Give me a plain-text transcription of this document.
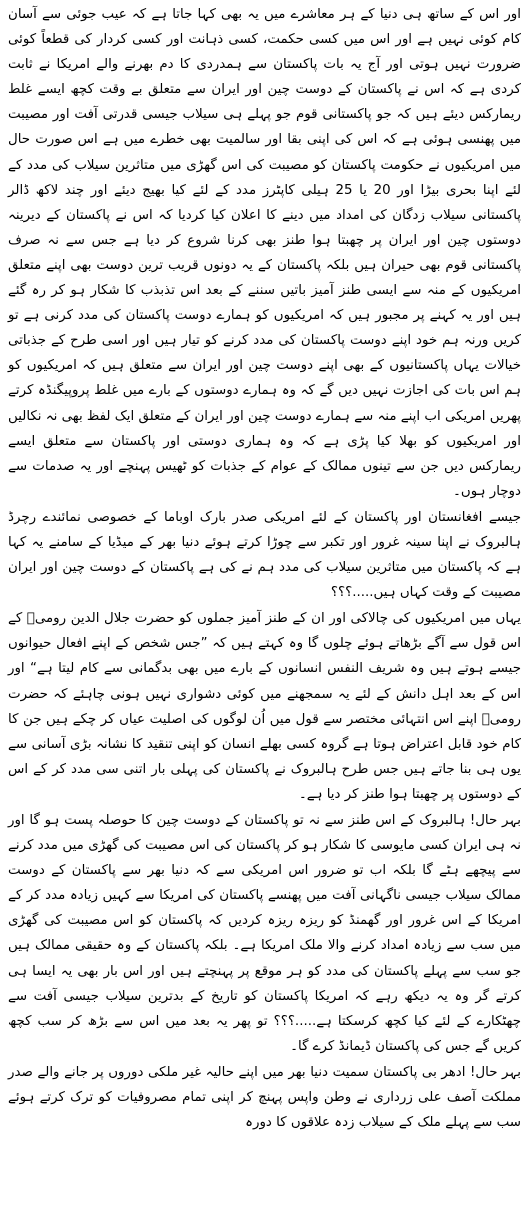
اور اس کے ساتھ ہی دنیا کے ہر معاشرے میں یہ بھی کہا جاتا ہے کہ عیب جوئی سے آسان کام کوئی نہیں ہے اور اس میں کسی حکمت، کسی ذہانت اور کسی کردار کی قطعاً کوئی ضرورت نہیں ہوتی اور آج یہ بات پاکستان سے ہمدردی کا دم بھرنے والے امریکا نے ثابت کردی ہے کہ اس نے پاکستان کے دوست چین اور ایران سے متعلق بے وقت کچھ ایسے غلط ریمارکس دیئے ہیں کہ جو پاکستانی قوم جو پہلے ہی سیلاب جیسی قدرتی آفت اور مصیبت میں پھنسی ہوئی ہے کہ اس کی اپنی بقا اور سالمیت بھی خطرے میں ہے اس صورت حال میں امریکیوں نے حکومت پاکستان کو مصیبت کی اس گھڑی میں متاثرین سیلاب کی مدد کے لئے اپنا بحری بیڑا اور 20 یا 25 ہیلی کاپٹرز مدد کے لئے کیا بھیج دیئے اور چند لاکھ ڈالر پاکستانی سیلاب زدگان کی امداد میں دینے کا اعلان کیا کردیا کہ اس نے پاکستان کے دیرینہ دوستوں چین اور ایران پر چھبتا ہوا طنز بھی کرنا شروع کر دیا ہے جس سے نہ صرف پاکستانی قوم بھی حیران ہیں بلکہ پاکستان کے یہ دونوں قریب ترین دوست بھی اپنے متعلق امریکیوں کے منہ سے ایسی طنز آمیز باتیں سننے کے بعد اس تذبذب کا شکار ہو کر رہ گئے ہیں اور یہ کہنے پر مجبور ہیں کہ امریکیوں کو ہمارے دوست پاکستان کی مدد کرنی ہے تو کریں ورنہ ہم خود اپنے دوست پاکستان کی مدد کرنے کو تیار ہیں اور اسی طرح کے جذباتی خیالات یہاں پاکستانیوں کے بھی اپنے دوست چین اور ایران سے متعلق ہیں کہ امریکیوں کو ہم اس بات کی اجازت نہیں دیں گے کہ وہ ہمارے دوستوں کے بارے میں غلط پروپیگنڈہ کرتے پھریں امریکی اب اپنے منہ سے ہمارے دوست چین اور ایران کے متعلق ایک لفظ بھی نہ نکالیں اور امریکیوں کو بھلا کیا پڑی ہے کہ وہ ہماری دوستی اور پاکستان سے متعلق ایسے ریمارکس دیں جن سے تینوں ممالک کے عوام کے جذبات کو ٹھیس پہنچے اور یہ صدمات سے دوچار ہوں۔

جیسے افغانستان اور پاکستان کے لئے امریکی صدر بارک اوباما کے خصوصی نمائندے رچرڈ ہالبروک نے اپنا سینہ غرور اور تکبر سے چوڑا کرتے ہوئے دنیا بھر کے میڈیا کے سامنے یہ کہا ہے کہ پاکستان میں متاثرین سیلاب کی مدد ہم نے کی ہے پاکستان کے دوست چین اور ایران مصیبت کے وقت کہاں ہیں.....؟؟؟

یہاں میں امریکیوں کی چالاکی اور ان کے طنز آمیز جملوں کو حضرت جلال الدین رومیؒ کے اس قول سے آگے بڑھاتے ہوئے چلوں گا وہ کہتے ہیں کہ ”جس شخص کے اپنے افعال حیوانوں جیسے ہوتے ہیں وہ شریف النفس انسانوں کے بارے میں بھی بدگمانی سے کام لیتا ہے“ اور اس کے بعد اہل دانش کے لئے یہ سمجھنے میں کوئی دشواری نہیں ہونی چاہئے کہ حضرت رومیؒ اپنے اس انتہائی مختصر سے قول میں اُن لوگوں کی اصلیت عیاں کر چکے ہیں جن کا کام خود قابل اعتراض ہوتا ہے گروہ کسی بھلے انسان کو اپنی تنقید کا نشانہ بڑی آسانی سے یوں ہی بنا جاتے ہیں جس طرح ہالبروک نے پاکستان کی پہلی بار اتنی سی مدد کر کے اس کے دوستوں پر چھبتا ہوا طنز کر دیا ہے۔

بہر حال! ہالبروک کے اس طنز سے نہ تو پاکستان کے دوست چین کا حوصلہ پست ہو گا اور نہ ہی ایران کسی مایوسی کا شکار ہو کر پاکستان کی اس مصیبت کی گھڑی میں مدد کرنے سے پیچھے ہٹے گا بلکہ اب تو ضرور اس امریکی سے کہ دنیا بھر سے پاکستان کے دوست ممالک سیلاب جیسی ناگہانی آفت میں پھنسے پاکستان کی امریکا سے کہیں زیادہ مدد کر کے امریکا کے اس غرور اور گھمنڈ کو ریزہ ریزہ کردیں کہ پاکستان کو اس مصیبت کی گھڑی میں سب سے زیادہ امداد کرنے والا ملک امریکا ہے۔ بلکہ پاکستان کے وہ حقیقی ممالک ہیں جو سب سے پہلے پاکستان کی مدد کو ہر موقع پر پہنچتے ہیں اور اس بار بھی یہ ایسا ہی کرتے گر وہ یہ دیکھ رہے کہ امریکا پاکستان کو تاریخ کے بدترین سیلاب جیسی آفت سے چھٹکارے کے لئے کیا کچھ کرسکتا ہے.....؟؟؟ تو پھر یہ بعد میں اس سے بڑھ کر سب کچھ کریں گے جس کی پاکستان ڈیمانڈ کرے گا۔

بہر حال! ادھر بی پاکستان سمیت دنیا بھر میں اپنے حالیہ غیر ملکی دوروں پر جانے والے صدر مملکت آصف علی زرداری نے وطن واپس پہنچ کر اپنی تمام مصروفیات کو ترک کرتے ہوئے سب سے پہلے ملک کے سیلاب زدہ علاقوں کا دورہ
